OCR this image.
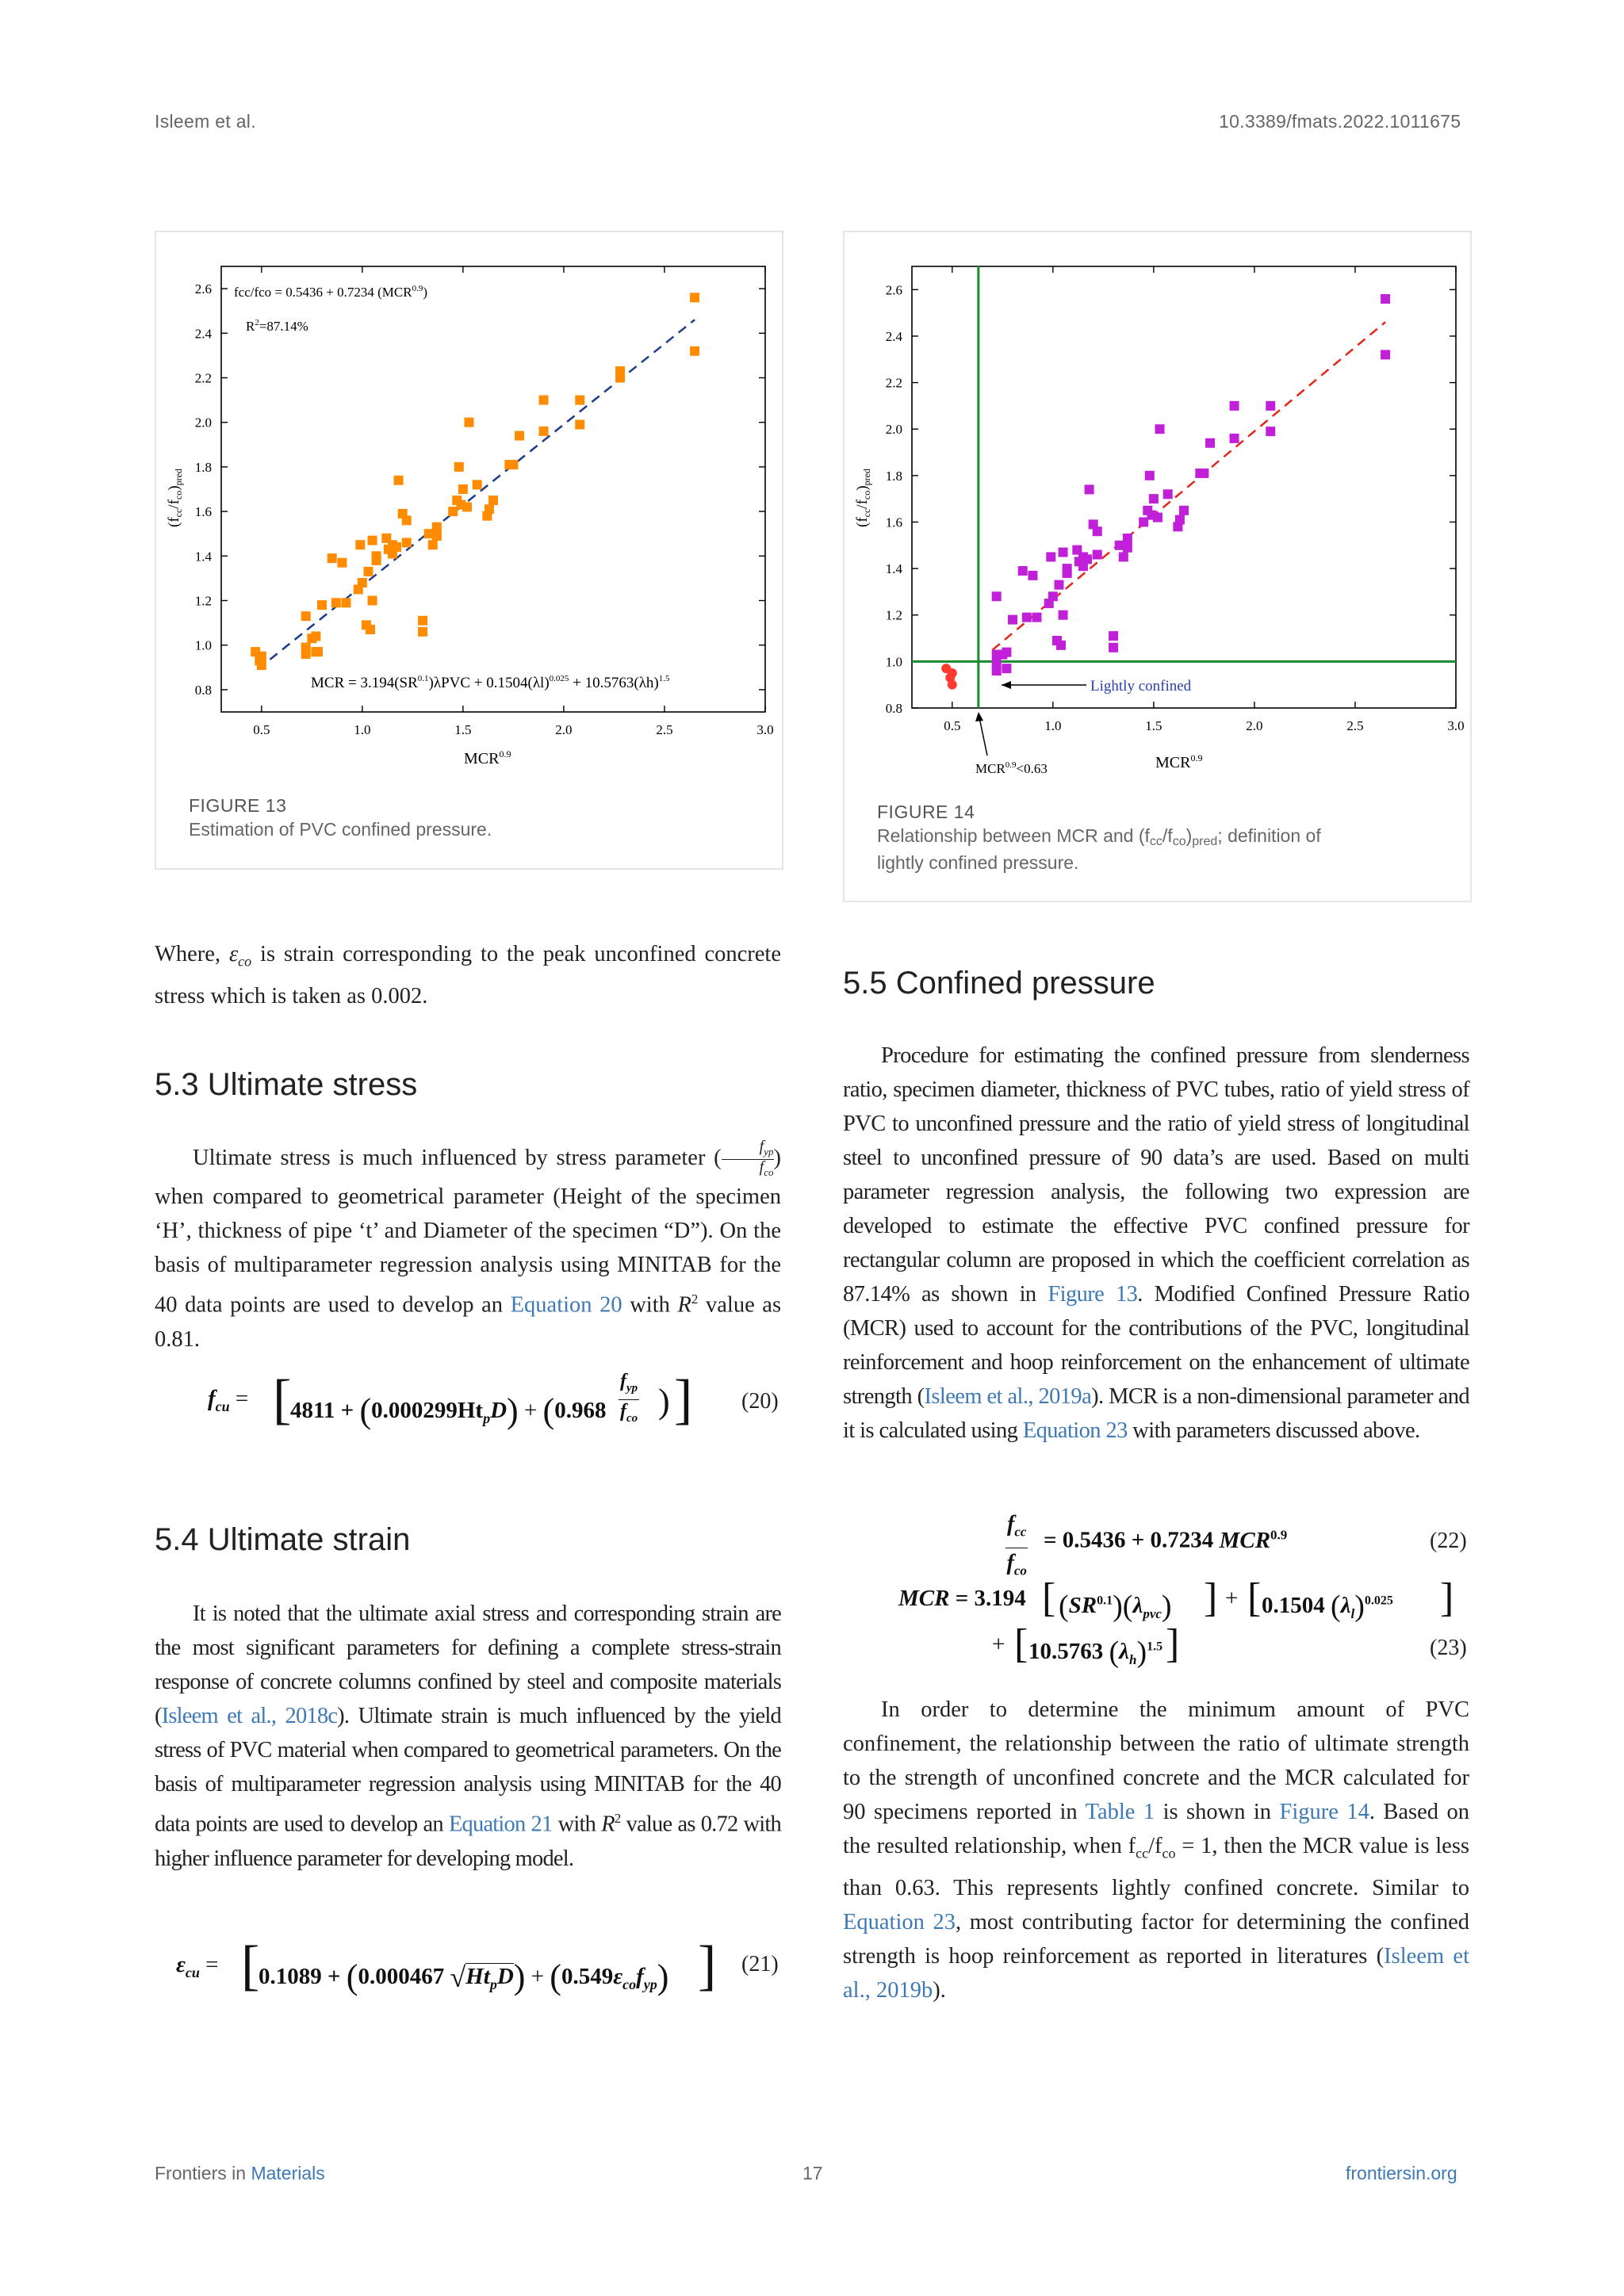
Isleem et al.	10.3389/fmats.2022.1011675
0.5	1.0	1.5	2.0	2.5	3.0
0.8
1.0
1.2
1.4
1.6
1.8
2.0
2.2
2.4
2.6 fcc/fco = 0.5436 + 0.7234 $(MCR^{0.9})$
$R^2=87.14\%$
MCR = $3.194(SR^{0.1})\lambda PVC + 0.1504(\lambda l)^{0.025} + 10.5763(\lambda h)^{1.5}$
$(f_{cc}/f_{co})_{pred}$
$MCR^{0.9}$
FIGURE 13
Estimation of PVC confined pressure.
0.5	1.0	1.5	2.0	2.5	3.0
0.8
1.0
1.2
1.4
1.6
1.8
2.0
2.2
2.4
2.6
Lightly confined
$MCR^{0.9}<0.63$
$(f_{cc}/f_{co})_{pred}$
$MCR^{0.9}$
FIGURE 14
Relationship between MCR and (fcc/fco)pred; definition of
lightly confined pressure.

Where, $\varepsilon_{co}$ is strain corresponding to the peak unconfined concrete stress which is taken as 0.002.

5.3 Ultimate stress

Ultimate stress is much influenced by stress parameter (	$f_{yp}$
$f_{co}$
) when compared to geometrical parameter (Height of the specimen ‘H’, thickness of pipe ‘t’ and Diameter of the specimen “D”). On the basis of multiparameter regression analysis using MINITAB for the 40 data points are used to develop an Equation 20 with $R^2$ value as 0.81.

$f_{cu}$ = [
$4811 + (0.000299Ht_pD) + (0.968$
$f_{yp}$
$f_{co}$ ) ] (20)
5.4 Ultimate strain

It is noted that the ultimate axial stress and corresponding strain are the most significant parameters for defining a complete stress-strain response of concrete columns confined by steel and composite materials (Isleem et al., 2018c). Ultimate strain is much influenced by the yield stress of PVC material when compared to geometrical parameters. On the basis of multiparameter regression analysis using MINITAB for the 40 data points are used to develop an Equation 21 with $R^2$ value as 0.72 with higher influence parameter for developing model.

$\varepsilon_{cu}$ = [
0.1089 + (0.000467 $√Ht_pD) + (0.549\varepsilon_{co}f_{yp})$ ] (21)
5.5 Confined pressure

Procedure for estimating the confined pressure from slenderness ratio, specimen diameter, thickness of PVC tubes, ratio of yield stress of PVC to unconfined pressure and the ratio of yield stress of longitudinal steel to unconfined pressure of 90 data’s are used. Based on multi parameter regression analysis, the following two expression are developed to estimate the effective PVC confined pressure for rectangular column are proposed in which the coefficient correlation as 87.14% as shown in Figure 13. Modified Confined Pressure Ratio (MCR) used to account for the contributions of the PVC, longitudinal reinforcement and hoop reinforcement on the enhancement of ultimate strength (Isleem et al., 2019a). MCR is a non-dimensional parameter and it is calculated using Equation 23 with parameters discussed above.

$f_{cc}$
$f_{co}$
= 0.5436 + 0.7234 $MCR^{0.9}$	(22)
MCR = 3.194 [ $(SR^{0.1})(\lambda_{pvc})$ ] + [ 0.1504 $(\lambda_l)^{0.025}$ ]
+ [ 10.5763 $(\lambda_h)^{1.5}$ ]	(23)

In order to determine the minimum amount of PVC confinement, the relationship between the ratio of ultimate strength to the strength of unconfined concrete and the MCR calculated for 90 specimens reported in Table 1 is shown in Figure 14. Based on the resulted relationship, when $f_{cc}/f_{co} = 1$, then the MCR value is less than 0.63. This represents lightly confined concrete. Similar to Equation 23, most contributing factor for determining the confined strength is hoop reinforcement as reported in literatures (Isleem et al., 2019b).

Frontiers in Materials	17	frontiersin.org
